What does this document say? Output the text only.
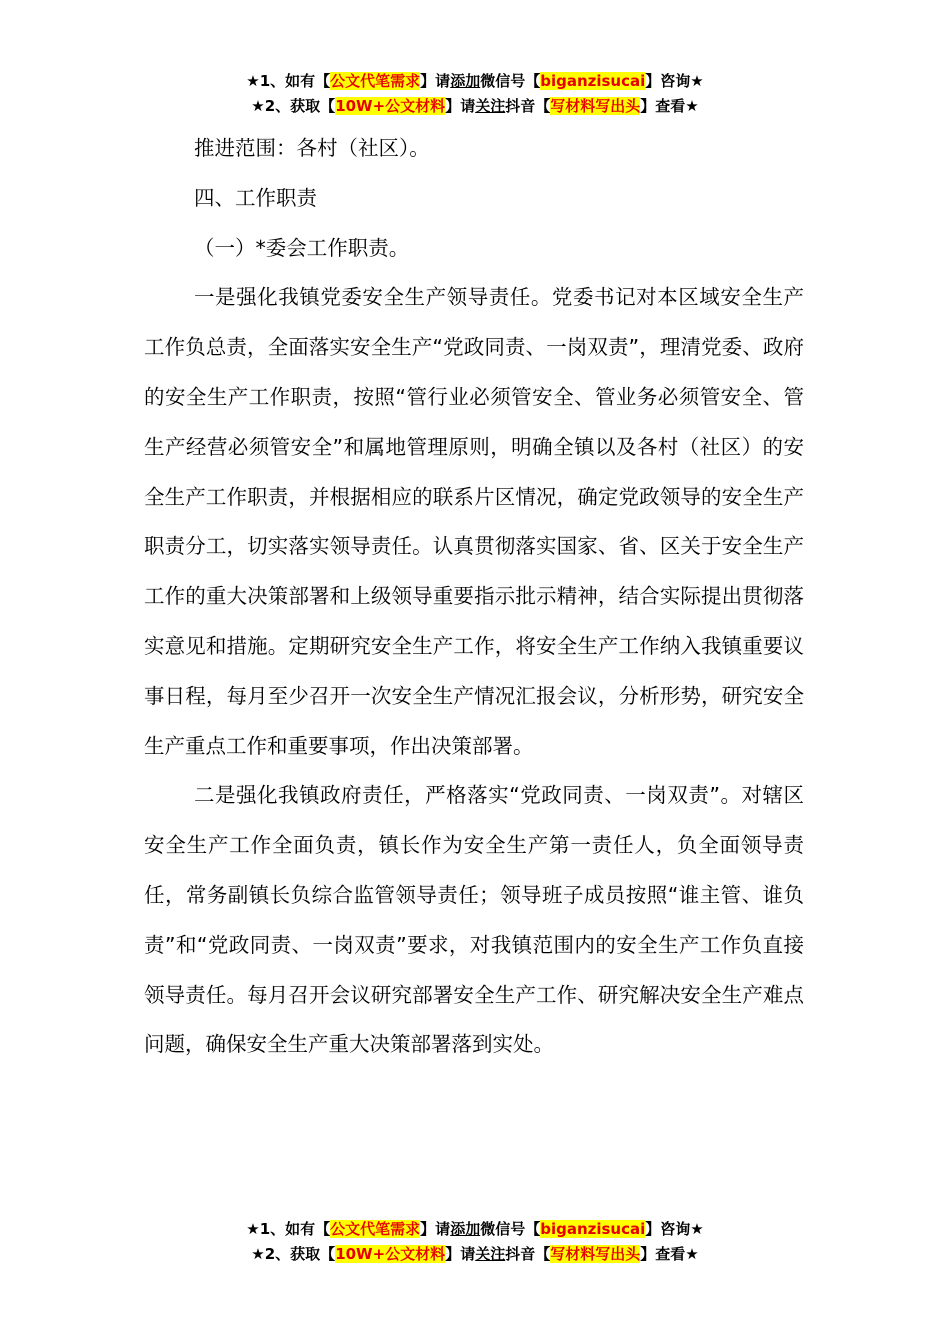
★1、如有【公文代笔需求】请添加微信号【biganzisucai】咨询★
★2、获取【10W+公文材料】请关注抖音【写材料写出头】查看★

推进范围：各村（社区）。

四、工作职责

（一）*委会工作职责。

一是强化我镇党委安全生产领导责任。党委书记对本区域安全生产工作负总责，全面落实安全生产“党政同责、一岗双责”，理清党委、政府的安全生产工作职责，按照“管行业必须管安全、管业务必须管安全、管生产经营必须管安全”和属地管理原则，明确全镇以及各村（社区）的安全生产工作职责，并根据相应的联系片区情况，确定党政领导的安全生产职责分工，切实落实领导责任。认真贯彻落实国家、省、区关于安全生产工作的重大决策部署和上级领导重要指示批示精神，结合实际提出贯彻落实意见和措施。定期研究安全生产工作，将安全生产工作纳入我镇重要议事日程，每月至少召开一次安全生产情况汇报会议，分析形势，研究安全生产重点工作和重要事项，作出决策部署。

二是强化我镇政府责任，严格落实“党政同责、一岗双责”。对辖区安全生产工作全面负责，镇长作为安全生产第一责任人，负全面领导责任，常务副镇长负综合监管领导责任；领导班子成员按照“谁主管、谁负责”和“党政同责、一岗双责”要求，对我镇范围内的安全生产工作负直接领导责任。每月召开会议研究部署安全生产工作、研究解决安全生产难点问题，确保安全生产重大决策部署落到实处。

★1、如有【公文代笔需求】请添加微信号【biganzisucai】咨询★
★2、获取【10W+公文材料】请关注抖音【写材料写出头】查看★
